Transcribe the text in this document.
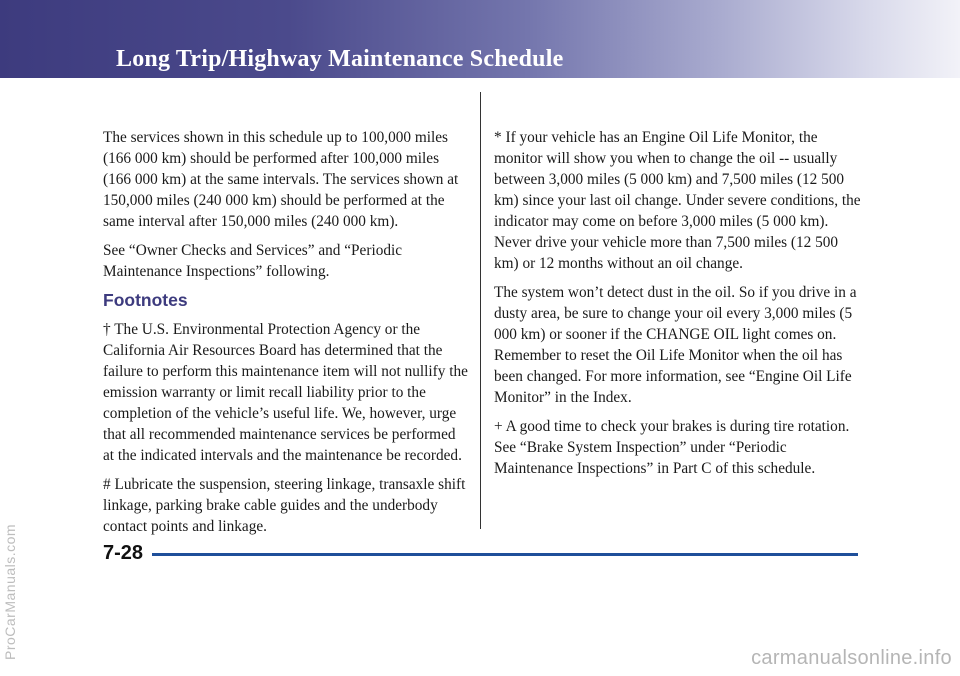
Long Trip/Highway Maintenance Schedule

The services shown in this schedule up to 100,000 miles (166 000 km) should be performed after 100,000 miles (166 000 km) at the same intervals. The services shown at 150,000 miles (240 000 km) should be performed at the same interval after 150,000 miles (240 000 km).

See “Owner Checks and Services” and “Periodic Maintenance Inspections” following.

Footnotes

† The U.S. Environmental Protection Agency or the California Air Resources Board has determined that the failure to perform this maintenance item will not nullify the emission warranty or limit recall liability prior to the completion of the vehicle’s useful life. We, however, urge that all recommended maintenance services be performed at the indicated intervals and the maintenance be recorded.

# Lubricate the suspension, steering linkage, transaxle shift linkage, parking brake cable guides and the underbody contact points and linkage.

* If your vehicle has an Engine Oil Life Monitor, the monitor will show you when to change the oil -- usually between 3,000 miles (5 000 km) and 7,500 miles (12 500 km) since your last oil change. Under severe conditions, the indicator may come on before 3,000 miles (5 000 km). Never drive your vehicle more than 7,500 miles (12 500 km) or 12 months without an oil change.

The system won’t detect dust in the oil. So if you drive in a dusty area, be sure to change your oil every 3,000 miles (5 000 km) or sooner if the CHANGE OIL light comes on. Remember to reset the Oil Life Monitor when the oil has been changed. For more information, see “Engine Oil Life Monitor” in the Index.

+ A good time to check your brakes is during tire rotation. See “Brake System Inspection” under “Periodic Maintenance Inspections” in Part C of this schedule.

7-28
ProCarManuals.com	carmanualsonline.info
